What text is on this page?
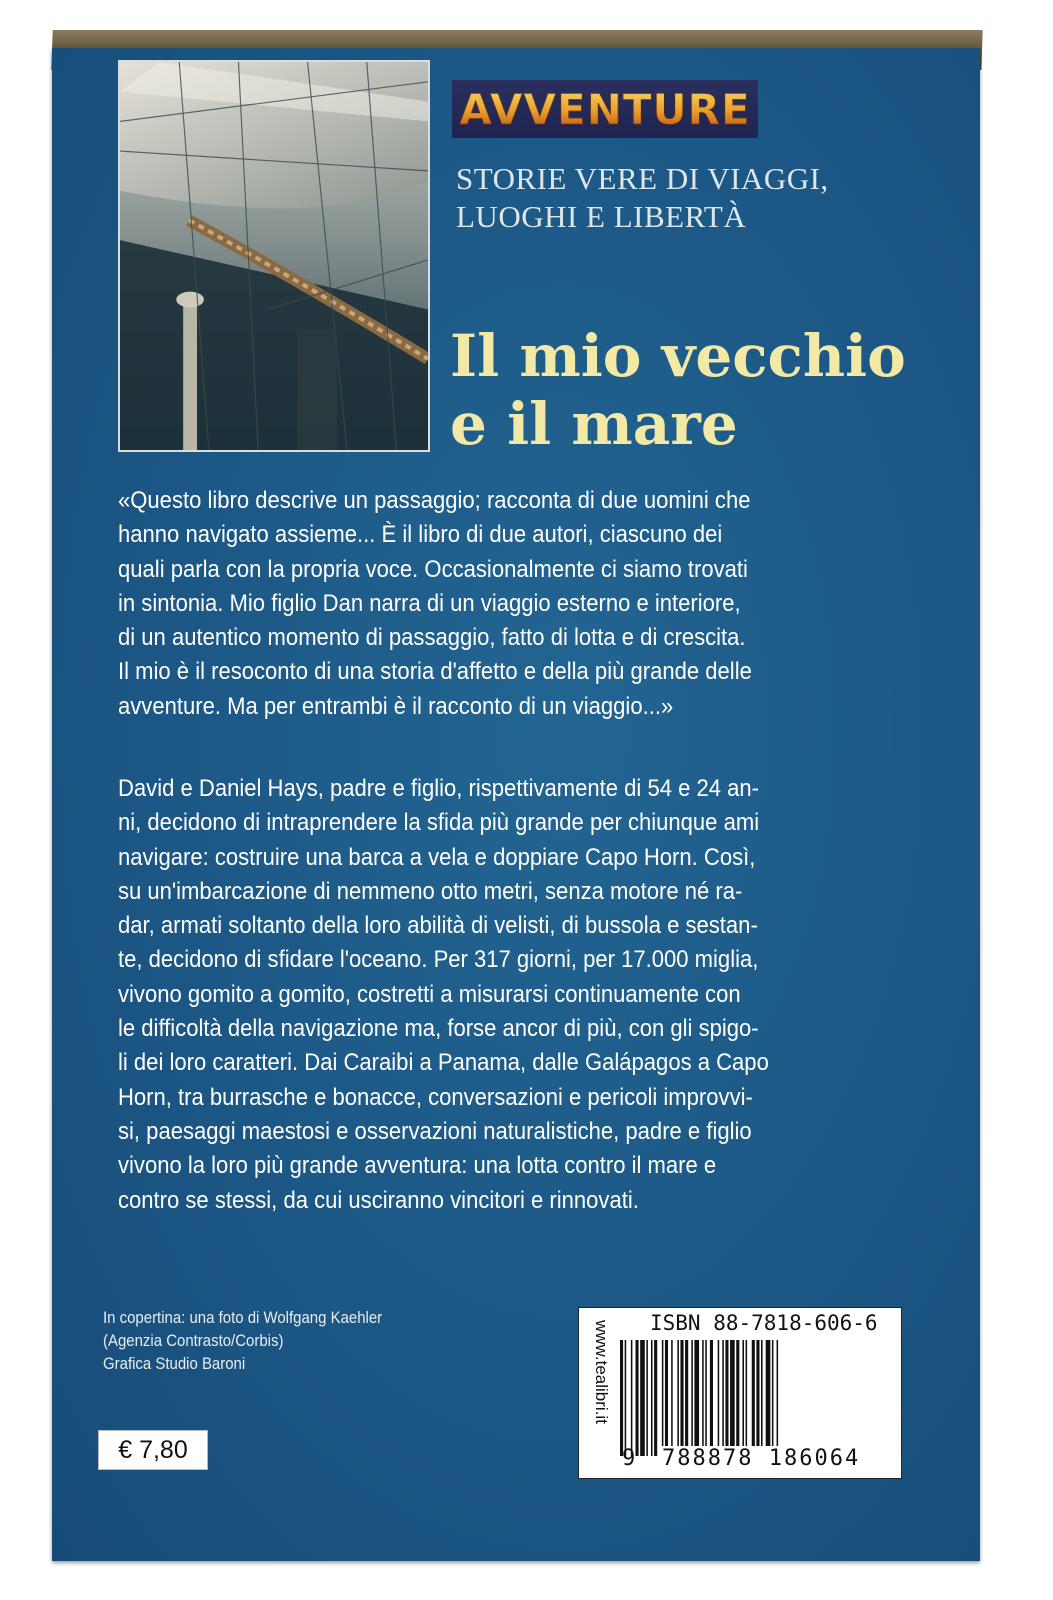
AVVENTURE
STORIE VERE DI VIAGGI,
LUOGHI E LIBERTÀ
Il mio vecchio
e il mare
«Questo libro descrive un passaggio; racconta di due uomini che
hanno navigato assieme... È il libro di due autori, ciascuno dei
quali parla con la propria voce. Occasionalmente ci siamo trovati
in sintonia. Mio figlio Dan narra di un viaggio esterno e interiore,
di un autentico momento di passaggio, fatto di lotta e di crescita.
Il mio è il resoconto di una storia d'affetto e della più grande delle
avventure. Ma per entrambi è il racconto di un viaggio...»
David e Daniel Hays, padre e figlio, rispettivamente di 54 e 24 an-
ni, decidono di intraprendere la sfida più grande per chiunque ami
navigare: costruire una barca a vela e doppiare Capo Horn. Così,
su un'imbarcazione di nemmeno otto metri, senza motore né ra-
dar, armati soltanto della loro abilità di velisti, di bussola e sestan-
te, decidono di sfidare l'oceano. Per 317 giorni, per 17.000 miglia,
vivono gomito a gomito, costretti a misurarsi continuamente con
le difficoltà della navigazione ma, forse ancor di più, con gli spigo-
li dei loro caratteri. Dai Caraibi a Panama, dalle Galápagos a Capo
Horn, tra burrasche e bonacce, conversazioni e pericoli improvvi-
si, paesaggi maestosi e osservazioni naturalistiche, padre e figlio
vivono la loro più grande avventura: una lotta contro il mare e
contro se stessi, da cui usciranno vincitori e rinnovati.
In copertina: una foto di Wolfgang Kaehler
(Agenzia Contrasto/Corbis)
Grafica Studio Baroni
€ 7,80
ISBN 88-7818-606-6
www.tealibri.it
9 788878 186064
